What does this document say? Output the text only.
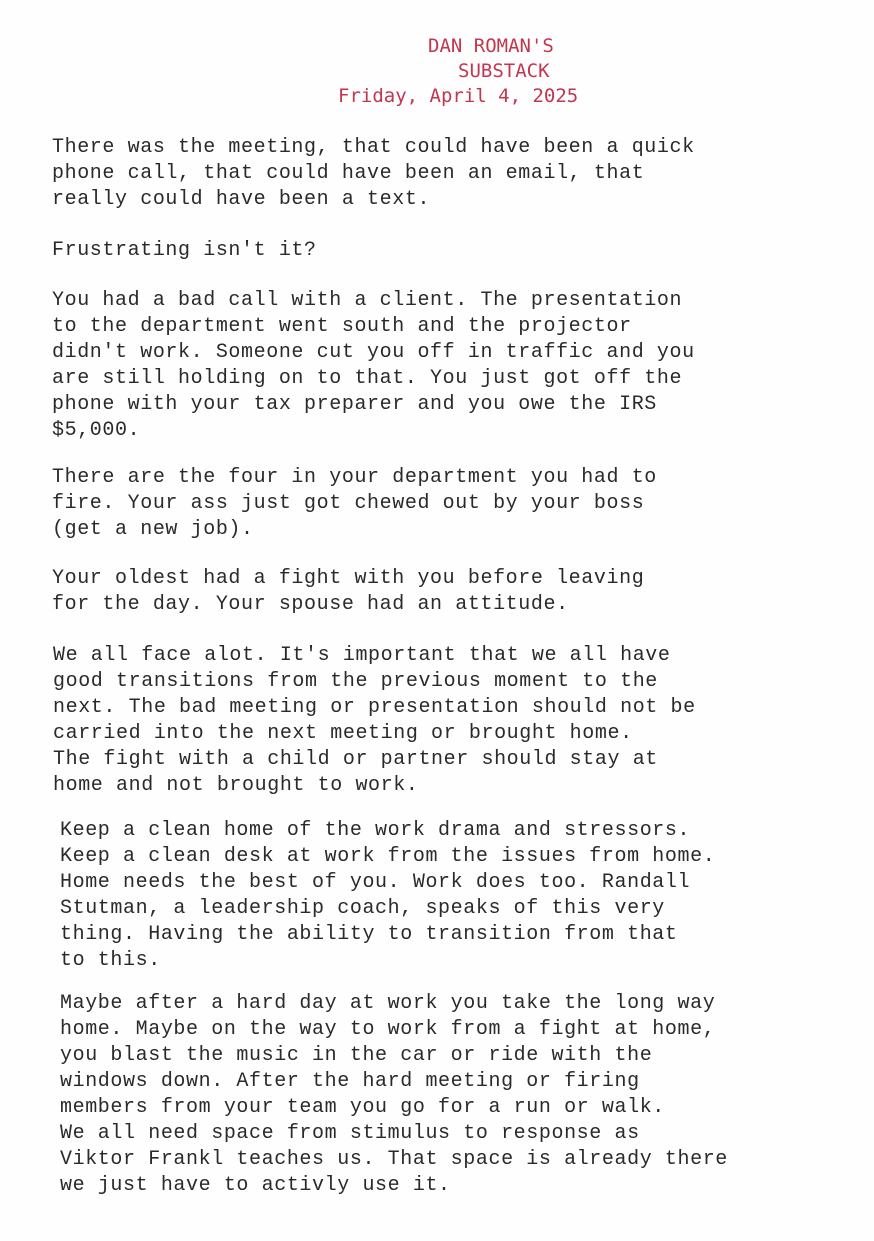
DAN ROMAN'S
SUBSTACK
Friday, April 4, 2025
There was the meeting, that could have been a quick
phone call, that could have been an email, that
really could have been a text.
Frustrating isn't it?
You had a bad call with a client. The presentation
to the department went south and the projector
didn't work. Someone cut you off in traffic and you
are still holding on to that. You just got off the
phone with your tax preparer and you owe the IRS
$5,000.
There are the four in your department you had to
fire. Your ass just got chewed out by your boss
(get a new job).
Your oldest had a fight with you before leaving
for the day. Your spouse had an attitude.
We all face alot. It's important that we all have
good transitions from the previous moment to the
next. The bad meeting or presentation should not be
carried into the next meeting or brought home.
The fight with a child or partner should stay at
home and not brought to work.
Keep a clean home of the work drama and stressors.
Keep a clean desk at work from the issues from home.
Home needs the best of you. Work does too. Randall
Stutman, a leadership coach, speaks of this very
thing. Having the ability to transition from that
to this.
Maybe after a hard day at work you take the long way
home. Maybe on the way to work from a fight at home,
you blast the music in the car or ride with the
windows down. After the hard meeting or firing
members from your team you go for a run or walk.
We all need space from stimulus to response as
Viktor Frankl teaches us. That space is already there
we just have to activly use it.
